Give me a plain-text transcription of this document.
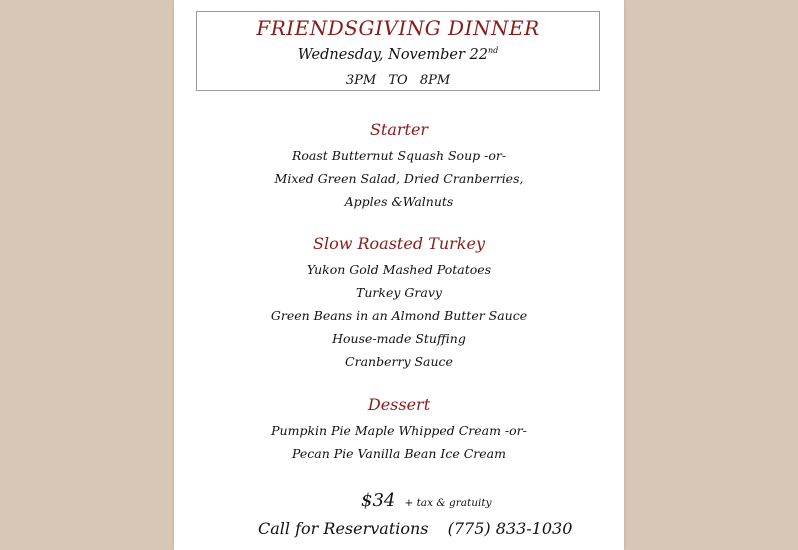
FRIENDSGIVING DINNER
Wednesday, November 22nd
3PM TO 8PM
Starter
Roast Butternut Squash Soup -or-
Mixed Green Salad, Dried Cranberries,
Apples &Walnuts
Slow Roasted Turkey
Yukon Gold Mashed Potatoes
Turkey Gravy
Green Beans in an Almond Butter Sauce
House-made Stuffing
Cranberry Sauce
Dessert
Pumpkin Pie Maple Whipped Cream -or-
Pecan Pie Vanilla Bean Ice Cream
$34 + tax & gratuity
Call for Reservations (775) 833-1030
